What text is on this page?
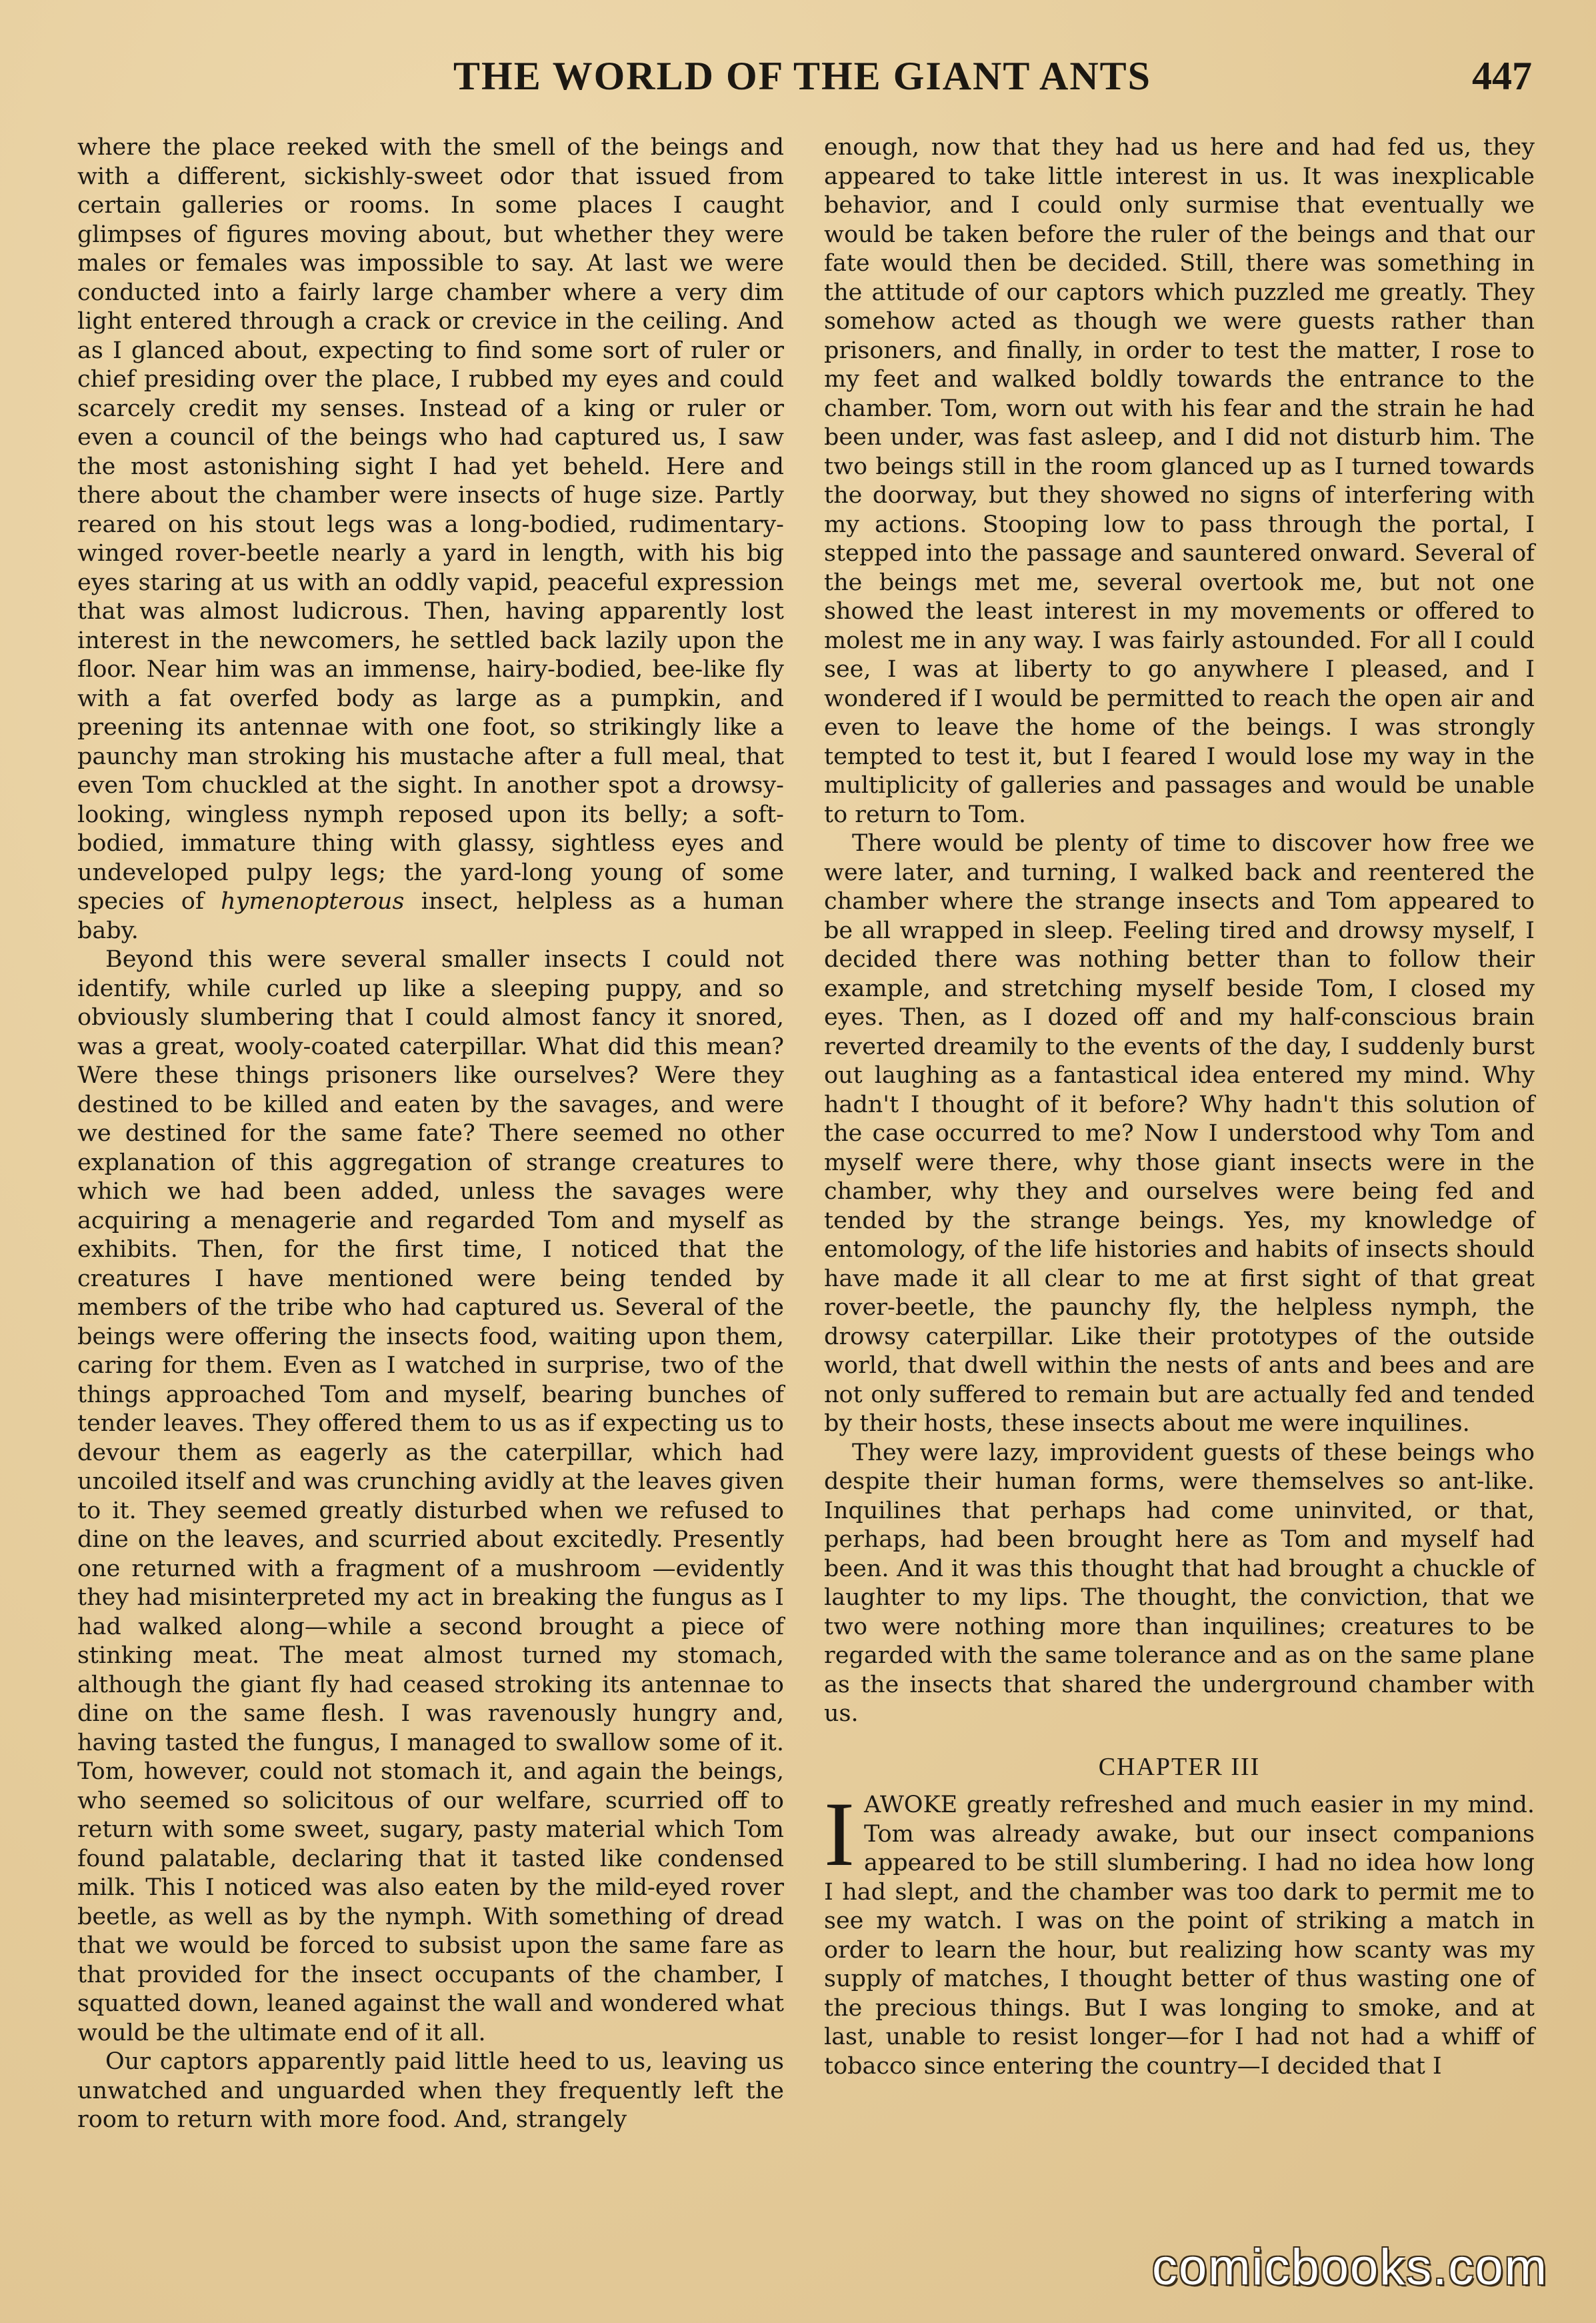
THE WORLD OF THE GIANT ANTS	447

where the place reeked with the smell of the beings and with a different, sickishly-sweet odor that issued from certain galleries or rooms. In some places I caught glimpses of figures moving about, but whether they were males or females was impossible to say. At last we were conducted into a fairly large chamber where a very dim light entered through a crack or crevice in the ceiling. And as I glanced about, expecting to find some sort of ruler or chief presiding over the place, I rubbed my eyes and could scarcely credit my senses. Instead of a king or ruler or even a council of the beings who had captured us, I saw the most astonishing sight I had yet beheld. Here and there about the chamber were insects of huge size. Partly reared on his stout legs was a long-bodied, rudimentary-winged rover-beetle nearly a yard in length, with his big eyes staring at us with an oddly vapid, peaceful expression that was almost ludicrous. Then, having apparently lost interest in the newcomers, he settled back lazily upon the floor. Near him was an immense, hairy-bodied, bee-like fly with a fat overfed body as large as a pumpkin, and preening its antennae with one foot, so strikingly like a paunchy man stroking his mustache after a full meal, that even Tom chuckled at the sight. In another spot a drowsy-looking, wingless nymph reposed upon its belly; a soft-bodied, immature thing with glassy, sightless eyes and undeveloped pulpy legs; the yard-long young of some species of hymenopterous insect, helpless as a human baby.

Beyond this were several smaller insects I could not identify, while curled up like a sleeping puppy, and so obviously slumbering that I could almost fancy it snored, was a great, wooly-coated caterpillar. What did this mean? Were these things prisoners like ourselves? Were they destined to be killed and eaten by the savages, and were we destined for the same fate? There seemed no other explanation of this aggregation of strange creatures to which we had been added, unless the savages were acquiring a menagerie and regarded Tom and myself as exhibits. Then, for the first time, I noticed that the creatures I have mentioned were being tended by members of the tribe who had captured us. Several of the beings were offering the insects food, waiting upon them, caring for them. Even as I watched in surprise, two of the things approached Tom and myself, bearing bunches of tender leaves. They offered them to us as if expecting us to devour them as eagerly as the caterpillar, which had uncoiled itself and was crunching avidly at the leaves given to it. They seemed greatly disturbed when we refused to dine on the leaves, and scurried about excitedly. Presently one returned with a fragment of a mushroom —evidently they had misinterpreted my act in breaking the fungus as I had walked along—while a second brought a piece of stinking meat. The meat almost turned my stomach, although the giant fly had ceased stroking its antennae to dine on the same flesh. I was ravenously hungry and, having tasted the fungus, I managed to swallow some of it. Tom, however, could not stomach it, and again the beings, who seemed so solicitous of our welfare, scurried off to return with some sweet, sugary, pasty material which Tom found palatable, declaring that it tasted like condensed milk. This I noticed was also eaten by the mild-eyed rover beetle, as well as by the nymph. With something of dread that we would be forced to subsist upon the same fare as that provided for the insect occupants of the chamber, I squatted down, leaned against the wall and wondered what would be the ultimate end of it all.

Our captors apparently paid little heed to us, leaving us unwatched and unguarded when they frequently left the room to return with more food. And, strangely

enough, now that they had us here and had fed us, they appeared to take little interest in us. It was inexplicable behavior, and I could only surmise that eventually we would be taken before the ruler of the beings and that our fate would then be decided. Still, there was something in the attitude of our captors which puzzled me greatly. They somehow acted as though we were guests rather than prisoners, and finally, in order to test the matter, I rose to my feet and walked boldly towards the entrance to the chamber. Tom, worn out with his fear and the strain he had been under, was fast asleep, and I did not disturb him. The two beings still in the room glanced up as I turned towards the doorway, but they showed no signs of interfering with my actions. Stooping low to pass through the portal, I stepped into the passage and sauntered onward. Several of the beings met me, several overtook me, but not one showed the least interest in my movements or offered to molest me in any way. I was fairly astounded. For all I could see, I was at liberty to go anywhere I pleased, and I wondered if I would be permitted to reach the open air and even to leave the home of the beings. I was strongly tempted to test it, but I feared I would lose my way in the multiplicity of galleries and passages and would be unable to return to Tom.

There would be plenty of time to discover how free we were later, and turning, I walked back and reentered the chamber where the strange insects and Tom appeared to be all wrapped in sleep. Feeling tired and drowsy myself, I decided there was nothing better than to follow their example, and stretching myself beside Tom, I closed my eyes. Then, as I dozed off and my half-conscious brain reverted dreamily to the events of the day, I suddenly burst out laughing as a fantastical idea entered my mind. Why hadn't I thought of it before? Why hadn't this solution of the case occurred to me? Now I understood why Tom and myself were there, why those giant insects were in the chamber, why they and ourselves were being fed and tended by the strange beings. Yes, my knowledge of entomology, of the life histories and habits of insects should have made it all clear to me at first sight of that great rover-beetle, the paunchy fly, the helpless nymph, the drowsy caterpillar. Like their prototypes of the outside world, that dwell within the nests of ants and bees and are not only suffered to remain but are actually fed and tended by their hosts, these insects about me were inquilines.

They were lazy, improvident guests of these beings who despite their human forms, were themselves so ant-like. Inquilines that perhaps had come uninvited, or that, perhaps, had been brought here as Tom and myself had been. And it was this thought that had brought a chuckle of laughter to my lips. The thought, the conviction, that we two were nothing more than inquilines; creatures to be regarded with the same tolerance and as on the same plane as the insects that shared the underground chamber with us.

CHAPTER III

IAWOKE greatly refreshed and much easier in my mind. Tom was already awake, but our insect companions appeared to be still slumbering. I had no idea how long I had slept, and the chamber was too dark to permit me to see my watch. I was on the point of striking a match in order to learn the hour, but realizing how scanty was my supply of matches, I thought better of thus wasting one of the precious things. But I was longing to smoke, and at last, unable to resist longer—for I had not had a whiff of tobacco since entering the country—I decided that I

comicbooks.com
